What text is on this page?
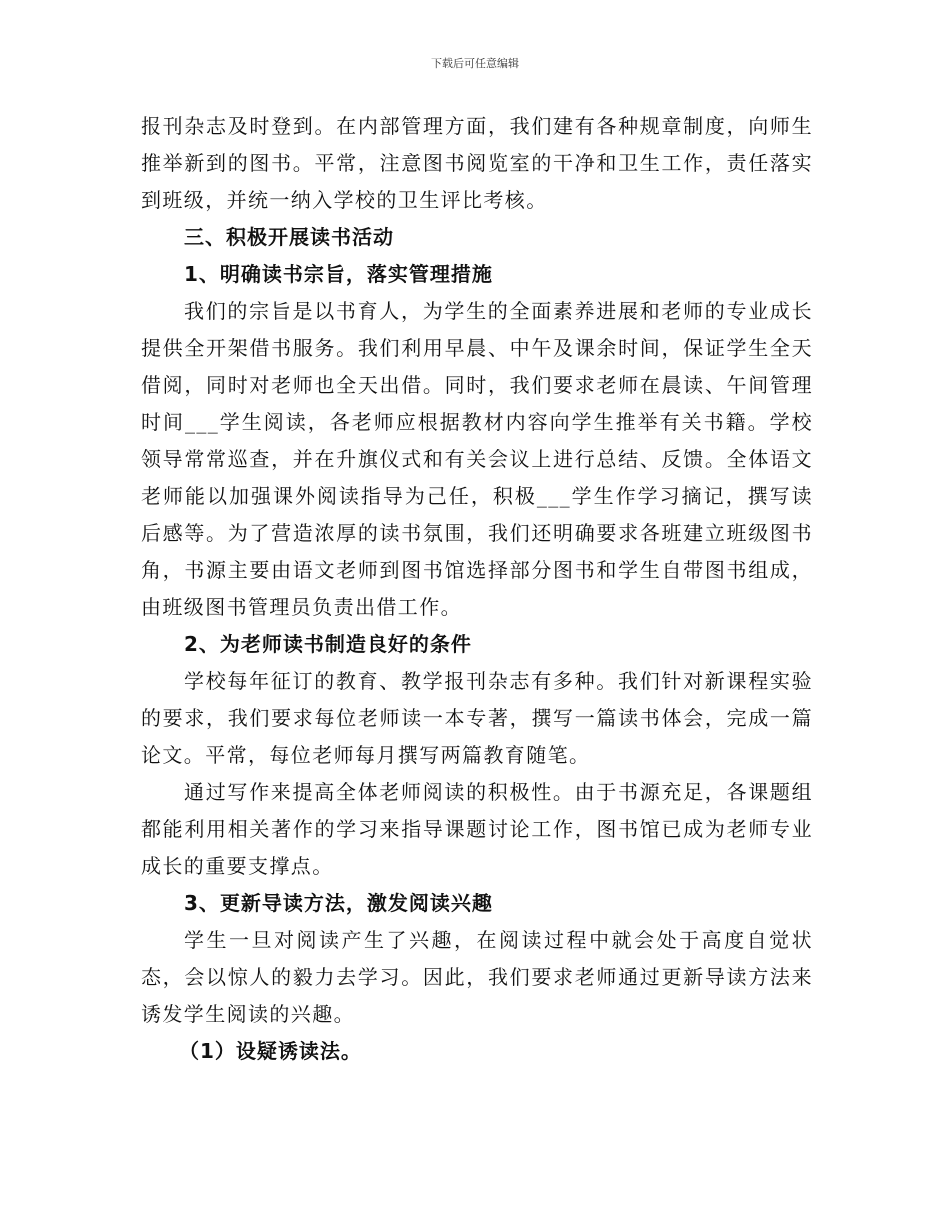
下载后可任意编辑

报刊杂志及时登到。在内部管理方面，我们建有各种规章制度，向师生推举新到的图书。平常，注意图书阅览室的干净和卫生工作，责任落实到班级，并统一纳入学校的卫生评比考核。

三、积极开展读书活动

1、明确读书宗旨，落实管理措施

我们的宗旨是以书育人，为学生的全面素养进展和老师的专业成长提供全开架借书服务。我们利用早晨、中午及课余时间，保证学生全天借阅，同时对老师也全天出借。同时，我们要求老师在晨读、午间管理时间___学生阅读，各老师应根据教材内容向学生推举有关书籍。学校领导常常巡查，并在升旗仪式和有关会议上进行总结、反馈。全体语文老师能以加强课外阅读指导为己任，积极___学生作学习摘记，撰写读后感等。为了营造浓厚的读书氛围，我们还明确要求各班建立班级图书角，书源主要由语文老师到图书馆选择部分图书和学生自带图书组成，由班级图书管理员负责出借工作。

2、为老师读书制造良好的条件

学校每年征订的教育、教学报刊杂志有多种。我们针对新课程实验的要求，我们要求每位老师读一本专著，撰写一篇读书体会，完成一篇论文。平常，每位老师每月撰写两篇教育随笔。

通过写作来提高全体老师阅读的积极性。由于书源充足，各课题组都能利用相关著作的学习来指导课题讨论工作，图书馆已成为老师专业成长的重要支撑点。

3、更新导读方法，激发阅读兴趣

学生一旦对阅读产生了兴趣，在阅读过程中就会处于高度自觉状态，会以惊人的毅力去学习。因此，我们要求老师通过更新导读方法来诱发学生阅读的兴趣。

（1）设疑诱读法。
